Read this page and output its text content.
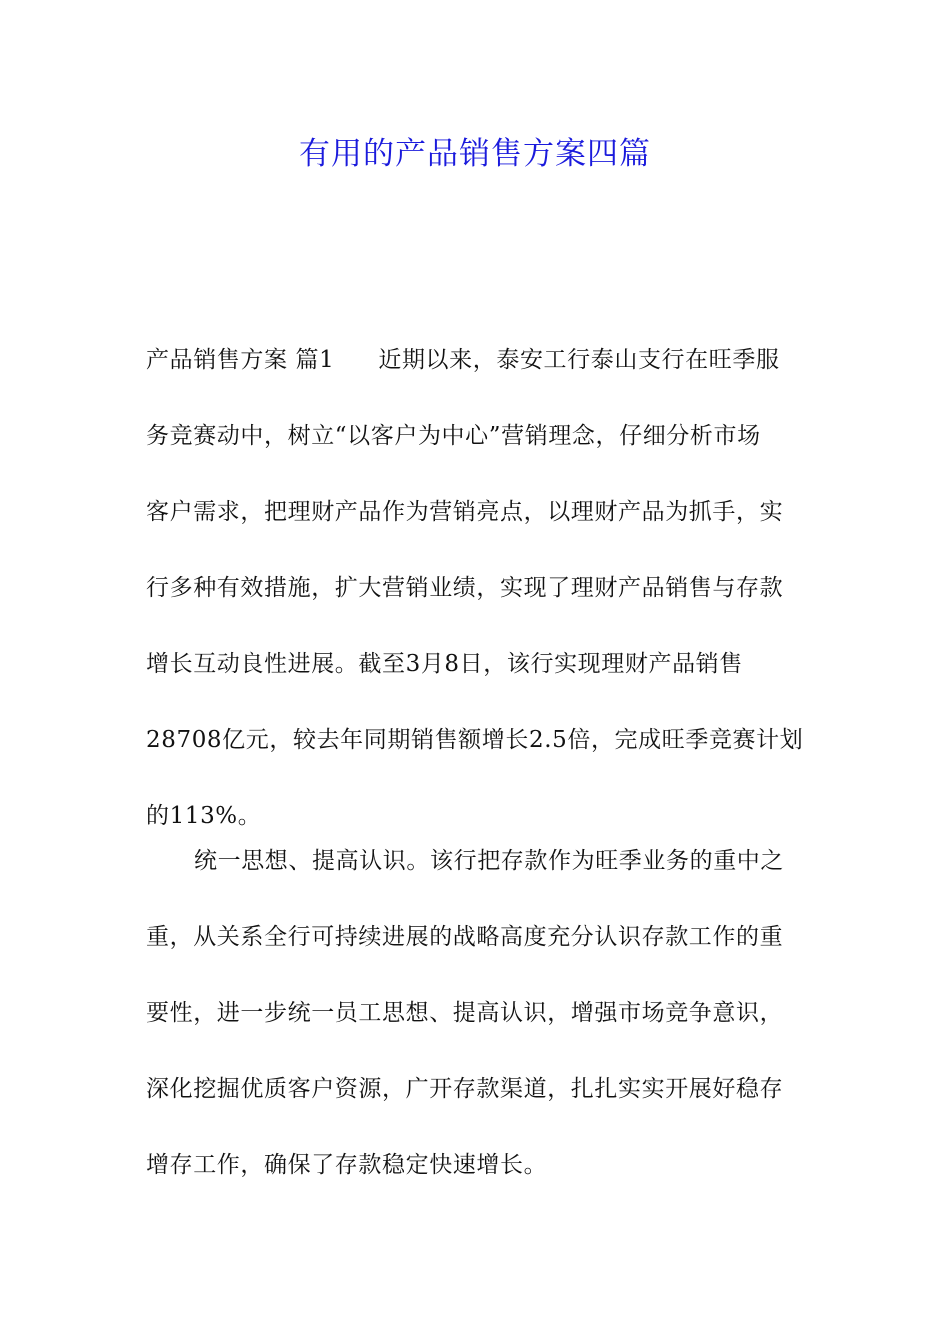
有用的产品销售方案四篇
产品销售方案 篇1 近期以来，泰安工行泰山支行在旺季服
务竞赛动中，树立“以客户为中心”营销理念，仔细分析市场
客户需求，把理财产品作为营销亮点，以理财产品为抓手，实
行多种有效措施，扩大营销业绩，实现了理财产品销售与存款
增长互动良性进展。截至3月8日，该行实现理财产品销售
28708亿元，较去年同期销售额增长2.5倍，完成旺季竞赛计划
的113%。
统一思想、提高认识。该行把存款作为旺季业务的重中之
重，从关系全行可持续进展的战略高度充分认识存款工作的重
要性，进一步统一员工思想、提高认识，增强市场竞争意识，
深化挖掘优质客户资源，广开存款渠道，扎扎实实开展好稳存
增存工作，确保了存款稳定快速增长。
